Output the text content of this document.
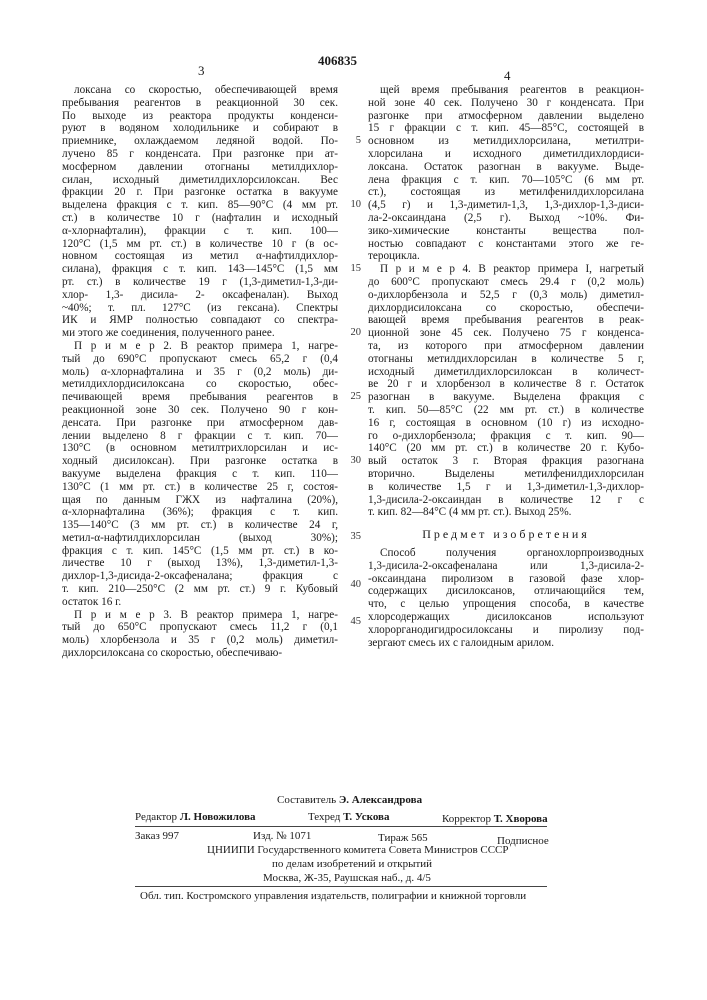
406835
3	4
локсана со скоростью, обеспечивающей время
пребывания реагентов в реакционной 30 сек.
По выходе из реактора продукты конденси-
руют в водяном холодильнике и собирают в
приемнике, охлаждаемом ледяной водой. По-
лучено 85 г конденсата. При разгонке при ат-
мосферном давлении отогнаны метилдихлор-
силан, исходный диметилдихлорсилоксан. Вес
фракции 20 г. При разгонке остатка в вакууме
выделена фракция с т. кип. 85—90°C (4 мм рт.
ст.) в количестве 10 г (нафталин и исходный
α-хлорнафталин), фракции с т. кип. 100—
120°C (1,5 мм рт. ст.) в количестве 10 г (в ос-
новном состоящая из метил α-нафтилдихлор-
силана), фракция с т. кип. 143—145°C (1,5 мм
рт. ст.) в количестве 19 г (1,3-диметил-1,3-ди-
хлор- 1,3- дисила- 2- оксафеналан). Выход
~40%; т. пл. 127°C (из гексана). Спектры
ИК и ЯМР полностью совпадают со спектра-
ми этого же соединения, полученного ранее.
П р и м е р 2. В реактор примера 1, нагре-
тый до 690°C пропускают смесь 65,2 г (0,4
моль) α-хлорнафталина и 35 г (0,2 моль) ди-
метилдихлордисилоксана со скоростью, обес-
печивающей время пребывания реагентов в
реакционной зоне 30 сек. Получено 90 г кон-
денсата. При разгонке при атмосферном дав-
лении выделено 8 г фракции с т. кип. 70—
130°C (в основном метилтрихлорсилан и ис-
ходный дисилоксан). При разгонке остатка в
вакууме выделена фракция с т. кип. 110—
130°C (1 мм рт. ст.) в количестве 25 г, состоя-
щая по данным ГЖХ из нафталина (20%),
α-хлорнафталина (36%); фракция с т. кип.
135—140°C (3 мм рт. ст.) в количестве 24 г,
метил-α-нафтилдихлорсилан (выход 30%);
фракция с т. кип. 145°C (1,5 мм рт. ст.) в ко-
личестве 10 г (выход 13%), 1,3-диметил-1,3-
дихлор-1,3-дисида-2-оксафеналана; фракция с
т. кип. 210—250°C (2 мм рт. ст.) 9 г. Кубовый
остаток 16 г.
П р и м е р 3. В реактор примера 1, нагре-
тый до 650°C пропускают смесь 11,2 г (0,1
моль) хлорбензола и 35 г (0,2 моль) диметил-
дихлорсилоксана со скоростью, обеспечиваю-
щей время пребывания реагентов в реакцион-
ной зоне 40 сек. Получено 30 г конденсата. При
разгонке при атмосферном давлении выделено
15 г фракции с т. кип. 45—85°C, состоящей в
основном из метилдихлорсилана, метилтри-
хлорсилана и исходного диметилдихлордиси-
локсана. Остаток разогнан в вакууме. Выде-
лена фракция с т. кип. 70—105°C (6 мм рт.
ст.), состоящая из метилфенилдихлорсилана
(4,5 г) и 1,3-диметил-1,3, 1,3-дихлор-1,3-диси-
ла-2-оксаиндана (2,5 г). Выход ~10%. Фи-
зико-химические константы вещества пол-
ностью совпадают с константами этого же ге-
тероцикла.
П р и м е р 4. В реактор примера I, нагретый
до 600°C пропускают смесь 29.4 г (0,2 моль)
о-дихлорбензола и 52,5 г (0,3 моль) диметил-
дихлордисилоксана со скоростью, обеспечи-
вающей время пребывания реагентов в реак-
ционной зоне 45 сек. Получено 75 г конденса-
та, из которого при атмосферном давлении
отогнаны метилдихлорсилан в количестве 5 г,
исходный диметилдихлорсилоксан в количест-
ве 20 г и хлорбензол в количестве 8 г. Остаток
разогнан в вакууме. Выделена фракция с
т. кип. 50—85°C (22 мм рт. ст.) в количестве
16 г, состоящая в основном (10 г) из исходно-
го о-дихлорбензола; фракция с т. кип. 90—
140°C (20 мм рт. ст.) в количестве 20 г. Кубо-
вый остаток 3 г. Вторая фракция разогнана
вторично. Выделены метилфенилдихлорсилан
в количестве 1,5 г и 1,3-диметил-1,3-дихлор-
1,3-дисила-2-оксаиндан в количестве 12 г с
т. кип. 82—84°C (4 мм рт. ст.). Выход 25%.
Предмет изобретения
Способ получения органохлорпроизводных
1,3-дисила-2-оксафеналана или 1,3-дисила-2-
-оксаиндана пиролизом в газовой фазе хлор-
содержащих дисилоксанов, отличающийся тем,
что, с целью упрощения способа, в качестве
хлорсодержащих дисилоксанов используют
хлорорганодигидросилоксаны и пиролизу под-
зергают смесь их с галоидным арилом.
5
10
15
20
25
30
35
40
45
Составитель Э. Александрова
Редактор Л. Новожилова	Техред Т. Ускова	Корректор Т. Хворова
Заказ 997	Изд. № 1071	Тираж 565	Подписное
ЦНИИПИ Государственного комитета Совета Министров СССР
по делам изобретений и открытий
Москва, Ж-35, Раушская наб., д. 4/5
Обл. тип. Костромского управления издательств, полиграфии и книжной торговли
